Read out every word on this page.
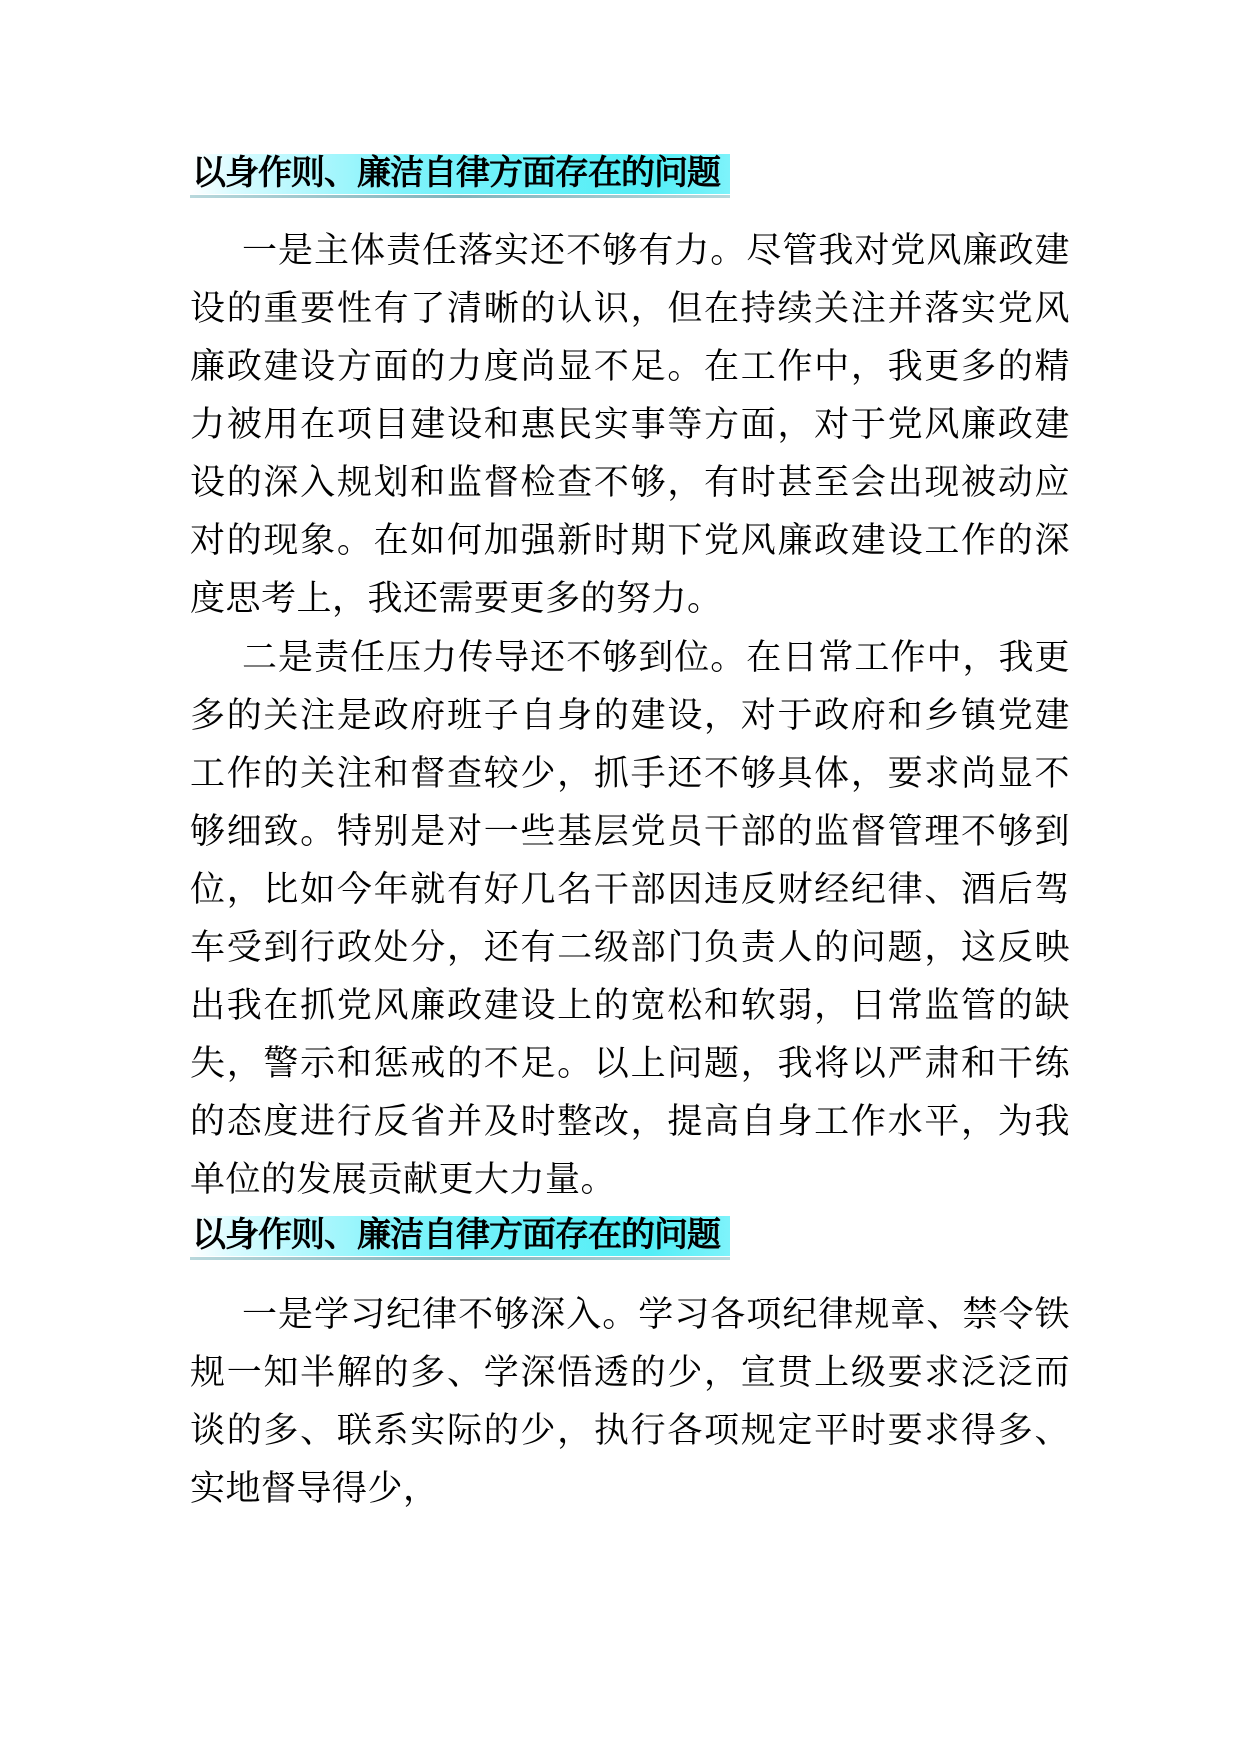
以身作则、廉洁自律方面存在的问题

一是主体责任落实还不够有力。尽管我对党风廉政建设的重要性有了清晰的认识，但在持续关注并落实党风廉政建设方面的力度尚显不足。在工作中，我更多的精力被用在项目建设和惠民实事等方面，对于党风廉政建设的深入规划和监督检查不够，有时甚至会出现被动应对的现象。在如何加强新时期下党风廉政建设工作的深度思考上，我还需要更多的努力。

二是责任压力传导还不够到位。在日常工作中，我更多的关注是政府班子自身的建设，对于政府和乡镇党建工作的关注和督查较少，抓手还不够具体，要求尚显不够细致。特别是对一些基层党员干部的监督管理不够到位，比如今年就有好几名干部因违反财经纪律、酒后驾车受到行政处分，还有二级部门负责人的问题，这反映出我在抓党风廉政建设上的宽松和软弱，日常监管的缺失，警示和惩戒的不足。以上问题，我将以严肃和干练的态度进行反省并及时整改，提高自身工作水平，为我单位的发展贡献更大力量。

以身作则、廉洁自律方面存在的问题

一是学习纪律不够深入。学习各项纪律规章、禁令铁规一知半解的多、学深悟透的少，宣贯上级要求泛泛而谈的多、联系实际的少，执行各项规定平时要求得多、实地督导得少，
